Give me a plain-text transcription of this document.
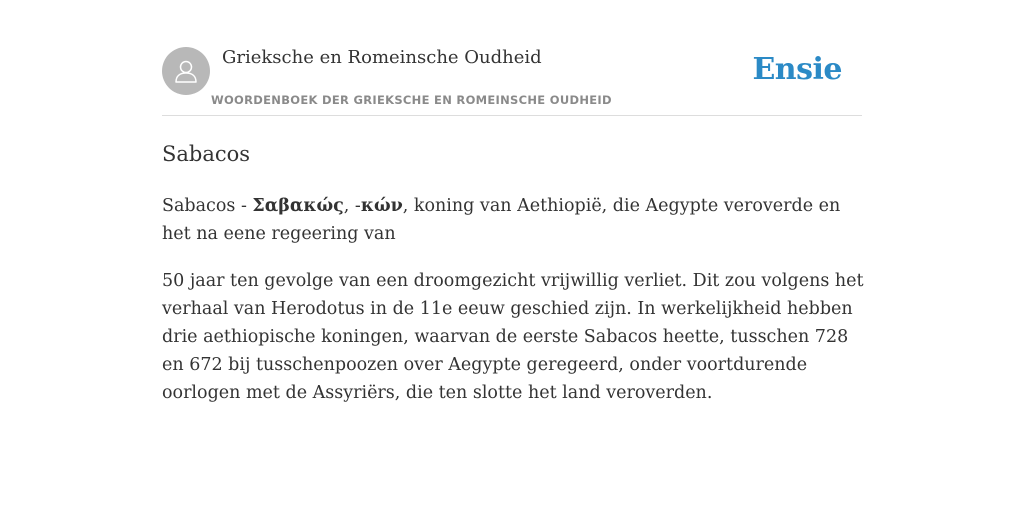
Grieksche en Romeinsche Oudheid
WOORDENBOEK DER GRIEKSCHE EN ROMEINSCHE OUDHEID
Ensie
Sabacos

Sabacos - Σαβακώς, -κών, koning van Aethiopië, die Aegypte veroverde en het na eene regeering van

50 jaar ten gevolge van een droomgezicht vrijwillig verliet. Dit zou volgens het verhaal van Herodotus in de 11e eeuw geschied zijn. In werkelijkheid hebben drie aethiopische koningen, waarvan de eerste Sabacos heette, tusschen 728 en 672 bij tusschenpoozen over Aegypte geregeerd, onder voortdurende oorlogen met de Assyriërs, die ten slotte het land veroverden.
